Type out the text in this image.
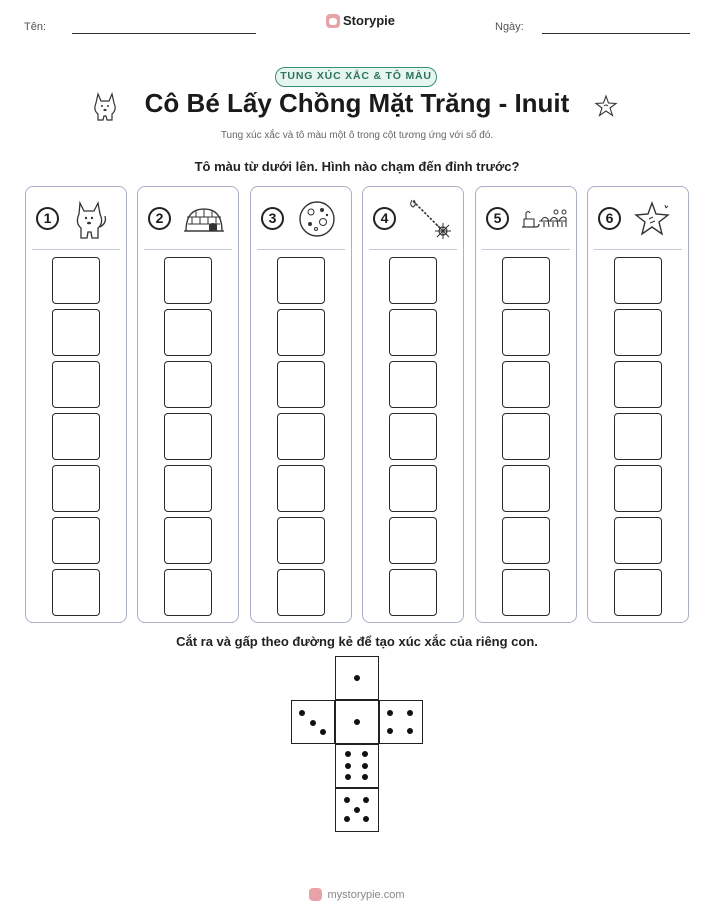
Tên:	Storypie	Ngày:
TUNG XÚC XẮC & TÔ MÀU
Cô Bé Lấy Chồng Mặt Trăng - Inuit
Tung xúc xắc và tô màu một ô trong cột tương ứng với số đó.
Tô màu từ dưới lên. Hình nào chạm đến đỉnh trước?
1	2	3	4	5	6
Cắt ra và gấp theo đường kẻ để tạo xúc xắc của riêng con.
mystorypie.com
